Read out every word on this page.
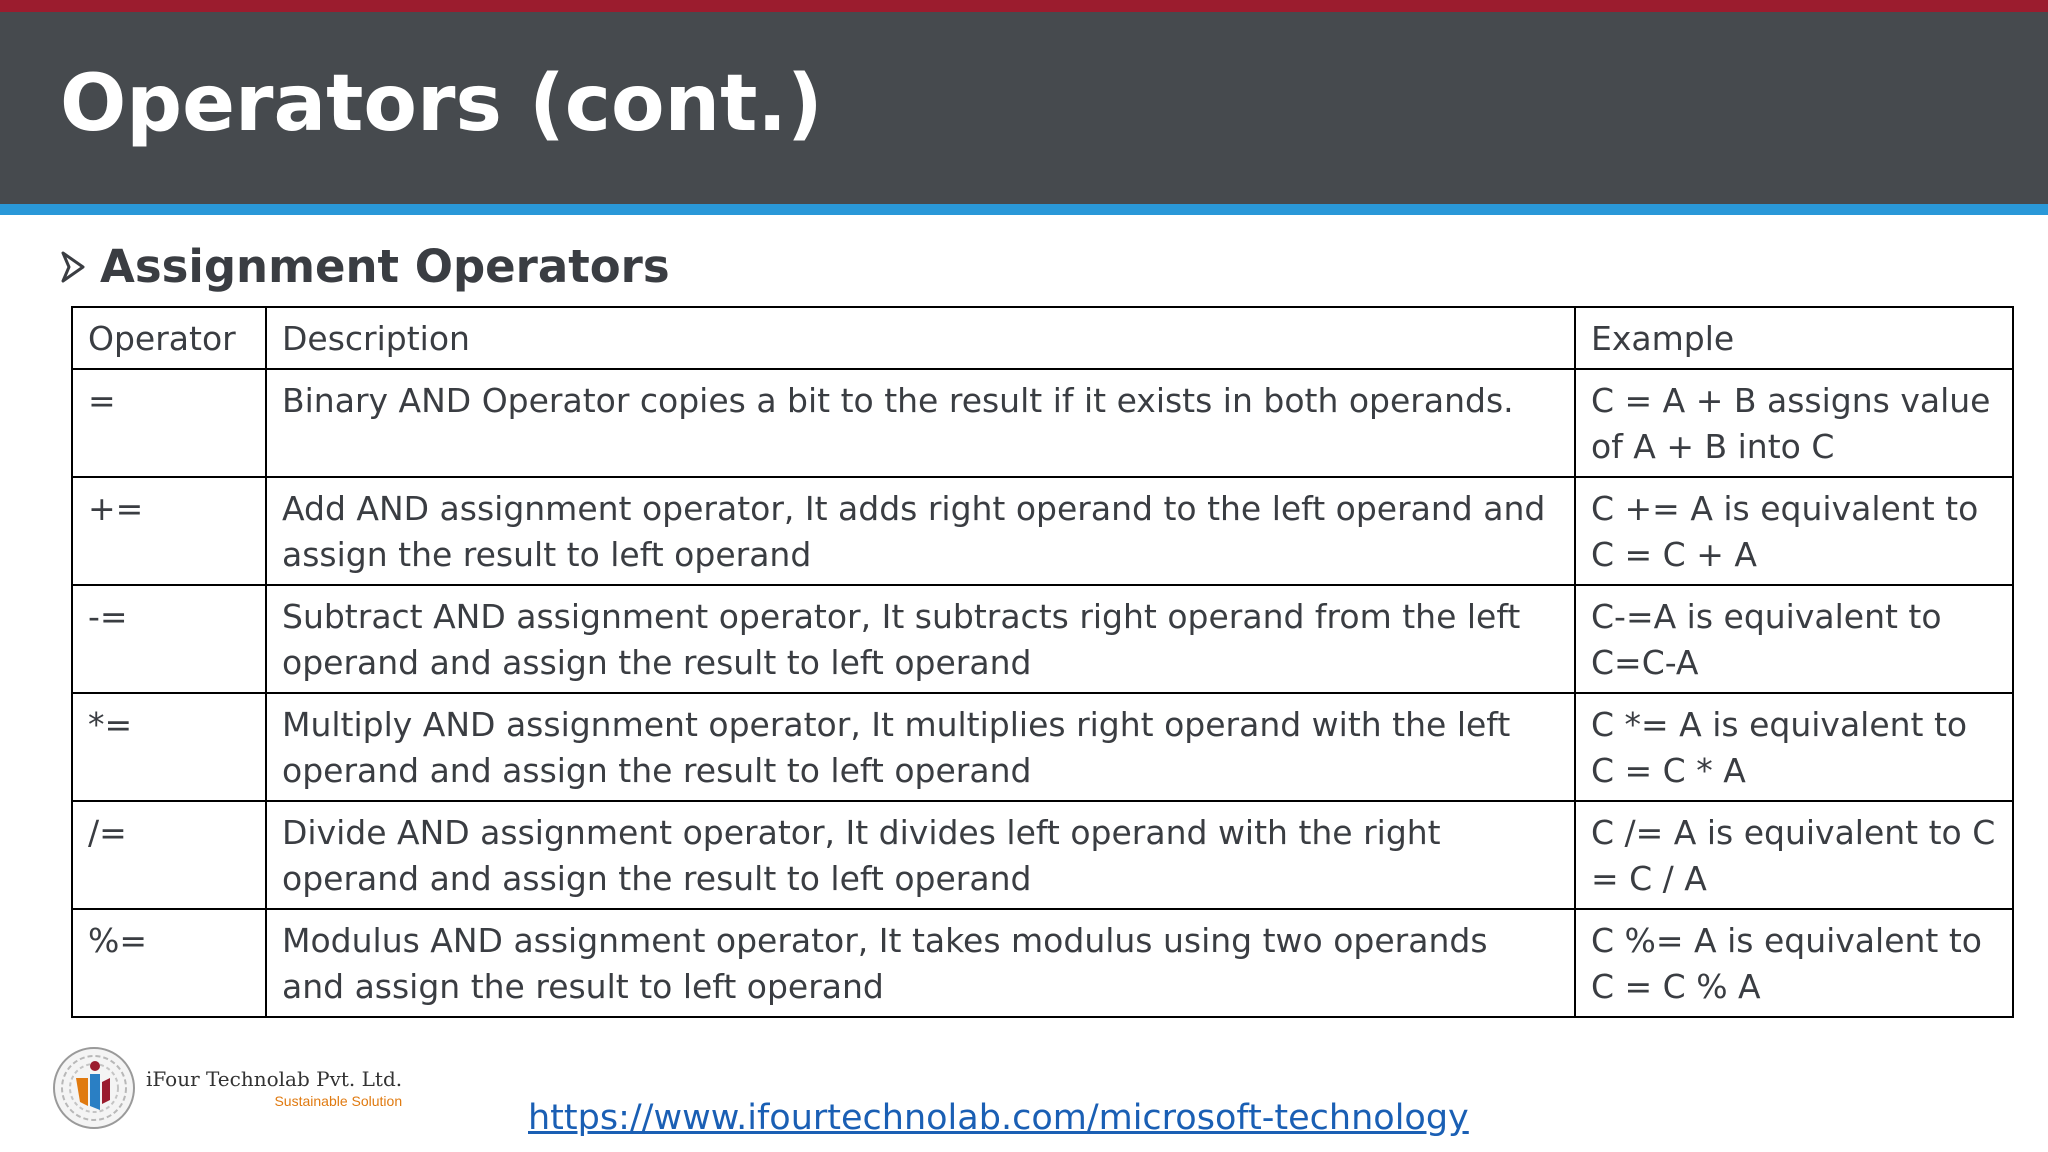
Operators (cont.)
Assignment Operators
Operator	Description	Example
=	Binary AND Operator copies a bit to the result if it exists in both operands.	C = A + B assigns value of A + B into C
+=	Add AND assignment operator, It adds right operand to the left operand and assign the result to left operand	C += A is equivalent to C = C + A
-=	Subtract AND assignment operator, It subtracts right operand from the left operand and assign the result to left operand	C-=A is equivalent to C=C-A
*=	Multiply AND assignment operator, It multiplies right operand with the left operand and assign the result to left operand	C *= A is equivalent to C = C * A
/=	Divide AND assignment operator, It divides left operand with the right operand and assign the result to left operand	C /= A is equivalent to C = C / A
%=	Modulus AND assignment operator, It takes modulus using two operands and assign the result to left operand	C %= A is equivalent to C = C % A
iFour Technolab Pvt. Ltd.
Sustainable Solution	https://www.ifourtechnolab.com/microsoft-technology
